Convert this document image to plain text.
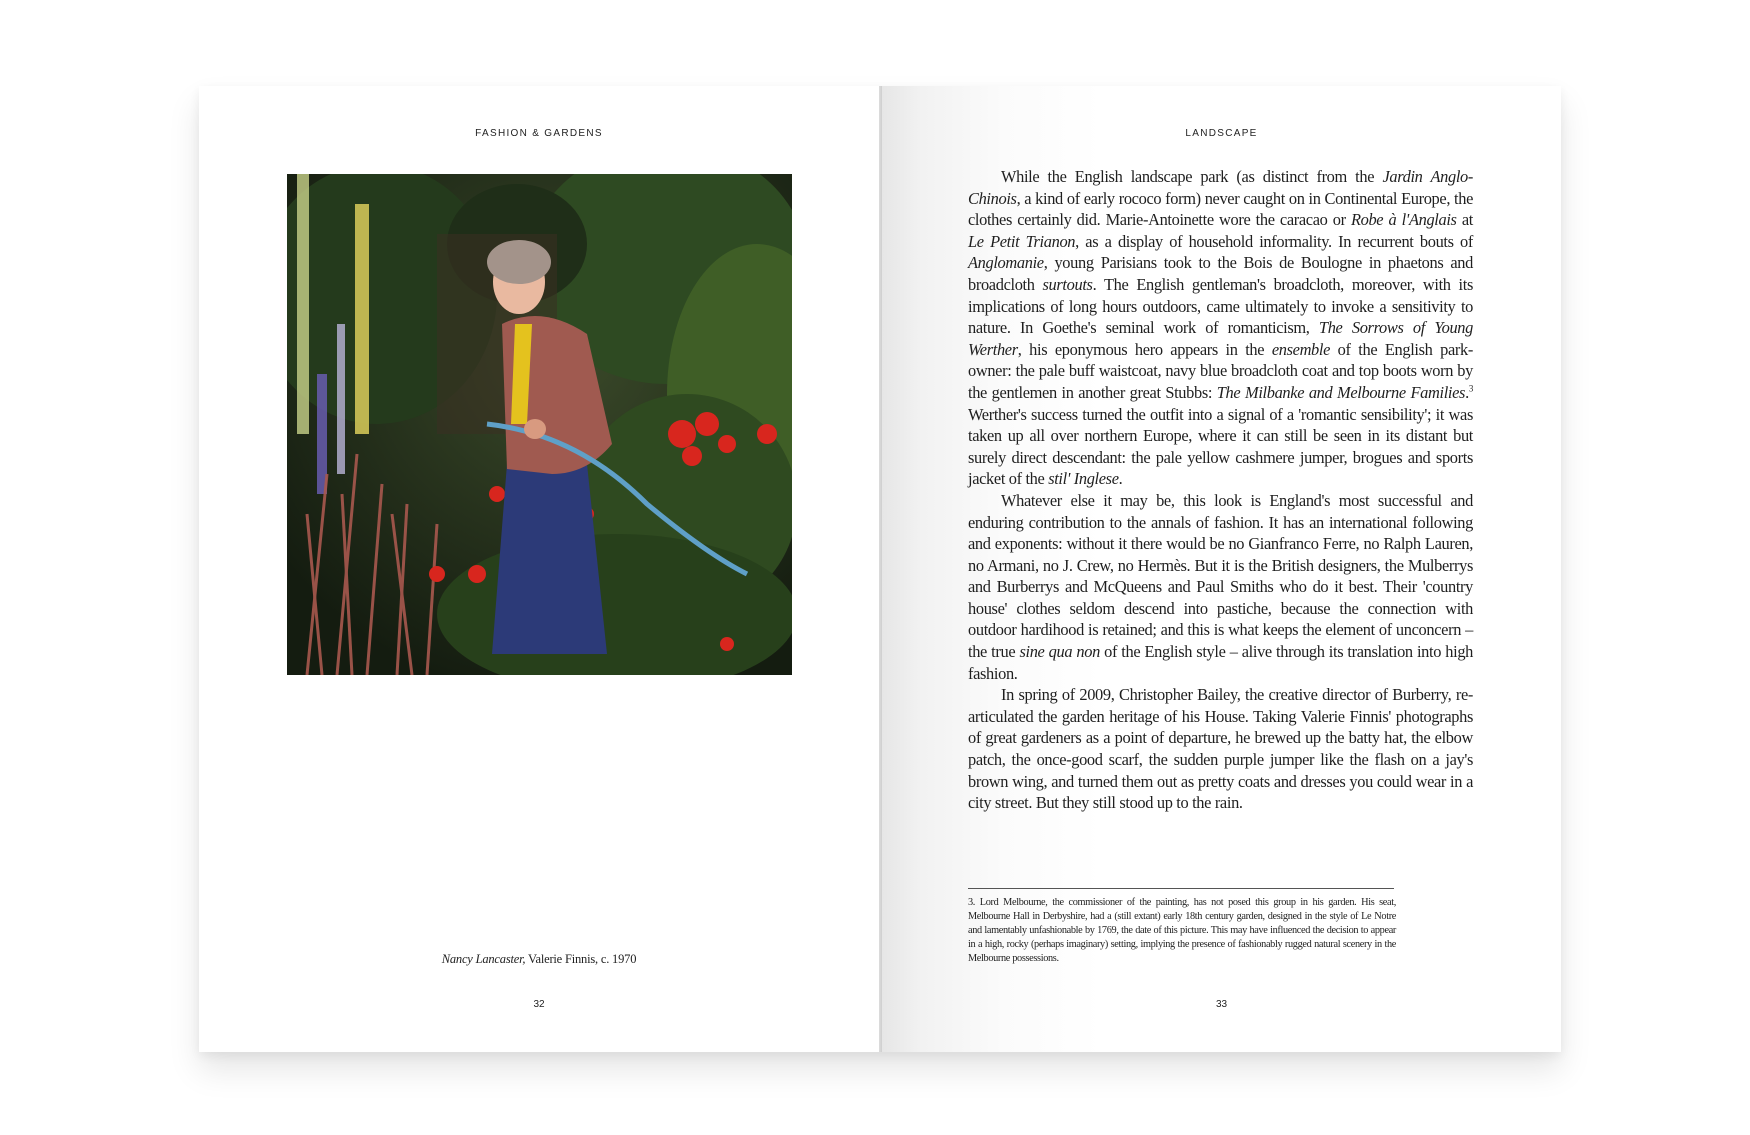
FASHION & GARDENS
Nancy Lancaster, Valerie Finnis, c. 1970
32
LANDSCAPE

While the English landscape park (as distinct from the Jardin Anglo-Chinois, a kind of early rococo form) never caught on in Continental Europe, the clothes certainly did. Marie-Antoinette wore the caracao or Robe à l'Anglais at Le Petit Trianon, as a display of household informality. In recurrent bouts of Anglomanie, young Parisians took to the Bois de Boulogne in phaetons and broadcloth surtouts. The English gentleman's broadcloth, moreover, with its implications of long hours outdoors, came ultimately to invoke a sensitivity to nature. In Goethe's seminal work of romanticism, The Sorrows of Young Werther, his eponymous hero appears in the ensemble of the English park-owner: the pale buff waistcoat, navy blue broadcloth coat and top boots worn by the gentlemen in another great Stubbs: The Milbanke and Melbourne Families.$^3$ Werther's success turned the outfit into a signal of a 'romantic sensibility'; it was taken up all over northern Europe, where it can still be seen in its distant but surely direct descendant: the pale yellow cashmere jumper, brogues and sports jacket of the stil' Inglese.

Whatever else it may be, this look is England's most successful and enduring contribution to the annals of fashion. It has an international following and exponents: without it there would be no Gianfranco Ferre, no Ralph Lauren, no Armani, no J. Crew, no Hermès. But it is the British designers, the Mulberrys and Burberrys and McQueens and Paul Smiths who do it best. Their 'country house' clothes seldom descend into pastiche, because the connection with outdoor hardihood is retained; and this is what keeps the element of unconcern – the true sine qua non of the English style – alive through its translation into high fashion.

In spring of 2009, Christopher Bailey, the creative director of Burberry, re-articulated the garden heritage of his House. Taking Valerie Finnis' photographs of great gardeners as a point of departure, he brewed up the batty hat, the elbow patch, the once-good scarf, the sudden purple jumper like the flash on a jay's brown wing, and turned them out as pretty coats and dresses you could wear in a city street. But they still stood up to the rain.

3. Lord Melbourne, the commissioner of the painting, has not posed this group in his garden. His seat, Melbourne Hall in Derbyshire, had a (still extant) early 18th century garden, designed in the style of Le Notre and lamentably unfashionable by 1769, the date of this picture. This may have influenced the decision to appear in a high, rocky (perhaps imaginary) setting, implying the presence of fashionably rugged natural scenery in the Melbourne possessions.
33
